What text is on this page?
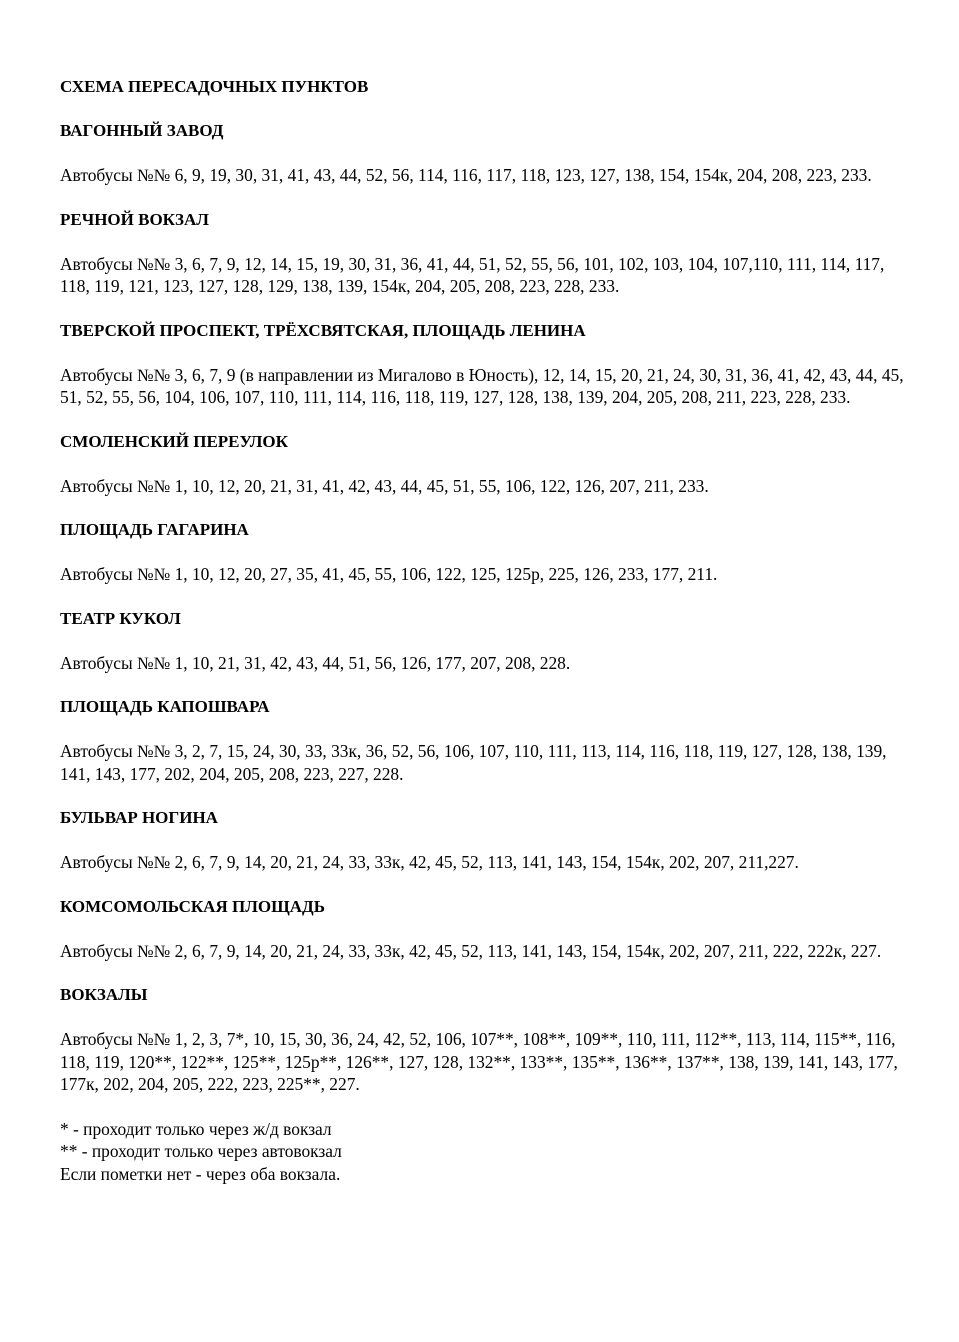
СХЕМА ПЕРЕСАДОЧНЫХ ПУНКТОВ
ВАГОННЫЙ ЗАВОД
Автобусы №№ 6, 9, 19, 30, 31, 41, 43, 44, 52, 56, 114, 116, 117, 118, 123, 127, 138, 154, 154к, 204, 208, 223, 233.
РЕЧНОЙ ВОКЗАЛ
Автобусы №№ 3, 6, 7, 9, 12, 14, 15, 19, 30, 31, 36, 41, 44, 51, 52, 55, 56, 101, 102, 103, 104, 107,110, 111, 114, 117, 118, 119, 121, 123, 127, 128, 129, 138, 139, 154к, 204, 205, 208, 223, 228, 233.
ТВЕРСКОЙ ПРОСПЕКТ, ТРЁХСВЯТСКАЯ, ПЛОЩАДЬ ЛЕНИНА
Автобусы №№ 3, 6, 7, 9 (в направлении из Мигалово в Юность), 12, 14, 15, 20, 21, 24, 30, 31, 36, 41, 42, 43, 44, 45, 51, 52, 55, 56, 104, 106, 107, 110, 111, 114, 116, 118, 119, 127, 128, 138, 139, 204, 205, 208, 211, 223, 228, 233.
СМОЛЕНСКИЙ ПЕРЕУЛОК
Автобусы №№ 1, 10, 12, 20, 21, 31, 41, 42, 43, 44, 45, 51, 55, 106, 122, 126, 207, 211, 233.
ПЛОЩАДЬ ГАГАРИНА
Автобусы №№ 1, 10, 12, 20, 27, 35, 41, 45, 55, 106, 122, 125, 125р, 225, 126, 233, 177, 211.
ТЕАТР КУКОЛ
Автобусы №№ 1, 10, 21, 31, 42, 43, 44, 51, 56, 126, 177, 207, 208, 228.
ПЛОЩАДЬ КАПОШВАРА
Автобусы №№ 3, 2, 7, 15, 24, 30, 33, 33к, 36, 52, 56, 106, 107, 110, 111, 113, 114, 116, 118, 119, 127, 128, 138, 139, 141, 143, 177, 202, 204, 205, 208, 223, 227, 228.
БУЛЬВАР НОГИНА
Автобусы №№ 2, 6, 7, 9, 14, 20, 21, 24, 33, 33к, 42, 45, 52, 113, 141, 143, 154, 154к, 202, 207, 211,227.
КОМСОМОЛЬСКАЯ ПЛОЩАДЬ
Автобусы №№ 2, 6, 7, 9, 14, 20, 21, 24, 33, 33к, 42, 45, 52, 113, 141, 143, 154, 154к, 202, 207, 211, 222, 222к, 227.
ВОКЗАЛЫ
Автобусы №№ 1, 2, 3, 7*, 10, 15, 30, 36, 24, 42, 52, 106, 107**, 108**, 109**, 110, 111, 112**, 113, 114, 115**, 116, 118, 119, 120**, 122**, 125**, 125р**, 126**, 127, 128, 132**, 133**, 135**, 136**, 137**, 138, 139, 141, 143, 177, 177к, 202, 204, 205, 222, 223, 225**, 227.
* - проходит только через ж/д вокзал
** - проходит только через автовокзал
Если пометки нет - через оба вокзала.
